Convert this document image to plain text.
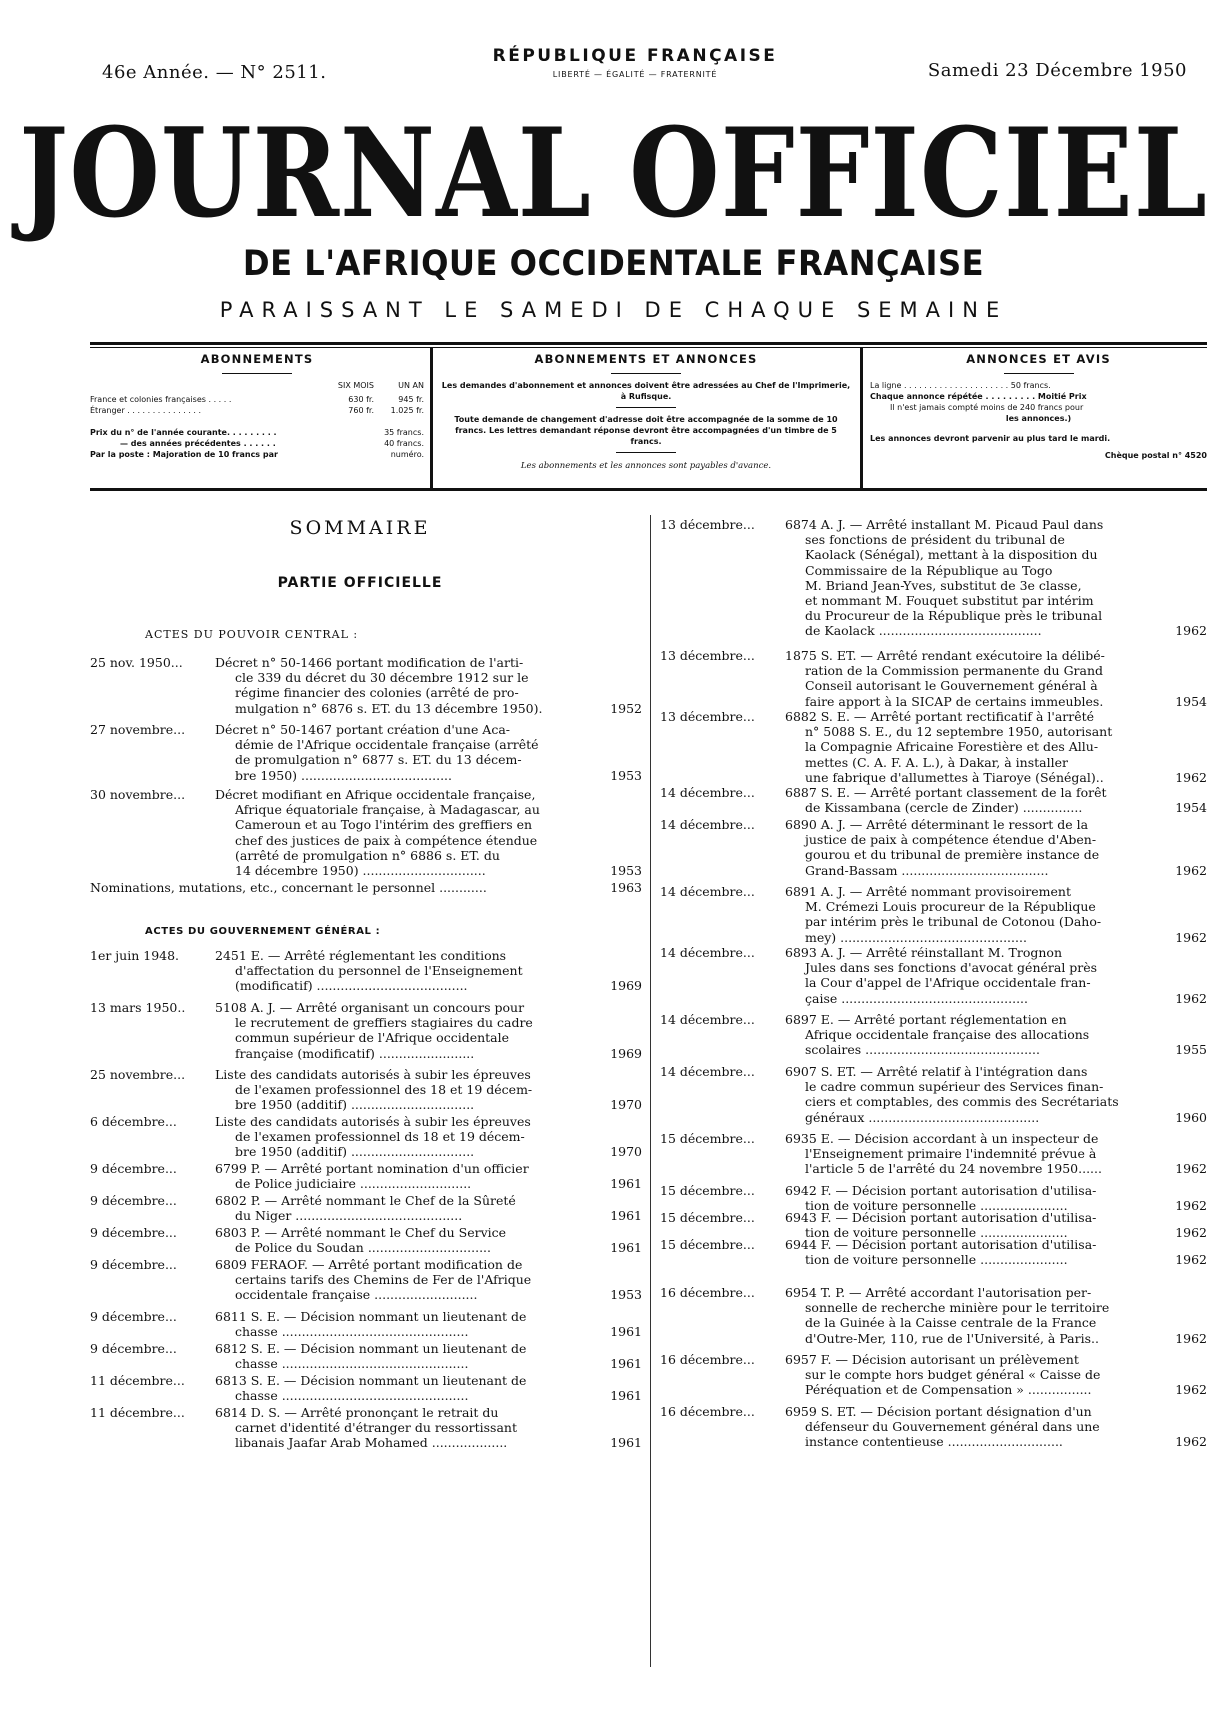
46e Année. — N° 2511.
RÉPUBLIQUE FRANÇAISE
LIBERTÉ — ÉGALITÉ — FRATERNITÉ	Samedi 23 Décembre 1950
JOURNAL OFFICIEL
DE L'AFRIQUE OCCIDENTALE FRANÇAISE
PARAISSANT LE SAMEDI DE CHAQUE SEMAINE
ABONNEMENTS
SIX MOIS	UN AN
France et colonies françaises . . . . .	630 fr.	945 fr.
Étranger . . . . . . . . . . . . . . .	760 fr.	1.025 fr.
Prix du n° de l'année courante. . . . . . . . .	35 francs.
— des années précédentes . . . . . .	40 francs.
Par la poste : Majoration de 10 francs par	numéro.
ABONNEMENTS ET ANNONCES
Les demandes d'abonnement et annonces doivent être adressées au Chef de l'Imprimerie, à Rufisque.
Toute demande de changement d'adresse doit être accompagnée de la somme de 10 francs. Les lettres demandant réponse devront être accompagnées d'un timbre de 5 francs.
Les abonnements et les annonces sont payables d'avance.
ANNONCES ET AVIS
La ligne . . . . . . . . . . . . . . . . . . . . . 50 francs.
Chaque annonce répétée . . . . . . . . . Moitié Prix
Il n'est jamais compté moins de 240 francs pour
les annonces.)
Les annonces devront parvenir au plus tard le mardi.
Chèque postal n° 4520
SOMMAIRE
PARTIE OFFICIELLE
ACTES DU POUVOIR CENTRAL :
ACTES DU GOUVERNEMENT GÉNÉRAL :
25 nov. 1950...	Décret n° 50-1466 portant modification de l'arti-
cle 339 du décret du 30 décembre 1912 sur le
régime financier des colonies (arrêté de pro-
mulgation n° 6876 s. ET. du 13 décembre 1950).	1952
27 novembre...	Décret n° 50-1467 portant création d'une Aca-
démie de l'Afrique occidentale française (arrêté
de promulgation n° 6877 s. ET. du 13 décem-
bre 1950) ......................................	1953
30 novembre...	Décret modifiant en Afrique occidentale française,
Afrique équatoriale française, à Madagascar, au
Cameroun et au Togo l'intérim des greffiers en
chef des justices de paix à compétence étendue
(arrêté de promulgation n° 6886 s. ET. du
14 décembre 1950) ...............................	1953
Nominations, mutations, etc., concernant le personnel ............	1963
1er juin 1948.	2451 E. — Arrêté réglementant les conditions
d'affectation du personnel de l'Enseignement
(modificatif) ......................................	1969
13 mars 1950..	5108 A. J. — Arrêté organisant un concours pour
le recrutement de greffiers stagiaires du cadre
commun supérieur de l'Afrique occidentale
française (modificatif) ........................	1969
25 novembre...	Liste des candidats autorisés à subir les épreuves
de l'examen professionnel des 18 et 19 décem-
bre 1950 (additif) ...............................	1970
6 décembre...	Liste des candidats autorisés à subir les épreuves
de l'examen professionnel ds 18 et 19 décem-
bre 1950 (additif) ...............................	1970
9 décembre...	6799 P. — Arrêté portant nomination d'un officier
de Police judiciaire ............................	1961
9 décembre...	6802 P. — Arrêté nommant le Chef de la Sûreté
du Niger ..........................................	1961
9 décembre...	6803 P. — Arrêté nommant le Chef du Service
de Police du Soudan ...............................	1961
9 décembre...	6809 FERAOF. — Arrêté portant modification de
certains tarifs des Chemins de Fer de l'Afrique
occidentale française ..........................	1953
9 décembre...	6811 S. E. — Décision nommant un lieutenant de
chasse ...............................................	1961
9 décembre...	6812 S. E. — Décision nommant un lieutenant de
chasse ...............................................	1961
11 décembre...	6813 S. E. — Décision nommant un lieutenant de
chasse ...............................................	1961
11 décembre...	6814 D. S. — Arrêté prononçant le retrait du
carnet d'identité d'étranger du ressortissant
libanais Jaafar Arab Mohamed ...................	1961
13 décembre...	6874 A. J. — Arrêté installant M. Picaud Paul dans
ses fonctions de président du tribunal de
Kaolack (Sénégal), mettant à la disposition du
Commissaire de la République au Togo
M. Briand Jean-Yves, substitut de 3e classe,
et nommant M. Fouquet substitut par intérim
du Procureur de la République près le tribunal
de Kaolack .........................................	1962
13 décembre...	1875 S. ET. — Arrêté rendant exécutoire la délibé-
ration de la Commission permanente du Grand
Conseil autorisant le Gouvernement général à
faire apport à la SICAP de certains immeubles.	1954
13 décembre...	6882 S. E. — Arrêté portant rectificatif à l'arrêté
n° 5088 S. E., du 12 septembre 1950, autorisant
la Compagnie Africaine Forestière et des Allu-
mettes (C. A. F. A. L.), à Dakar, à installer
une fabrique d'allumettes à Tiaroye (Sénégal)..	1962
14 décembre...	6887 S. E. — Arrêté portant classement de la forêt
de Kissambana (cercle de Zinder) ...............	1954
14 décembre...	6890 A. J. — Arrêté déterminant le ressort de la
justice de paix à compétence étendue d'Aben-
gourou et du tribunal de première instance de
Grand-Bassam .....................................	1962
14 décembre...	6891 A. J. — Arrêté nommant provisoirement
M. Crémezi Louis procureur de la République
par intérim près le tribunal de Cotonou (Daho-
mey) ...............................................	1962
14 décembre...	6893 A. J. — Arrêté réinstallant M. Trognon
Jules dans ses fonctions d'avocat général près
la Cour d'appel de l'Afrique occidentale fran-
çaise ...............................................	1962
14 décembre...	6897 E. — Arrêté portant réglementation en
Afrique occidentale française des allocations
scolaires ............................................	1955
14 décembre...	6907 S. ET. — Arrêté relatif à l'intégration dans
le cadre commun supérieur des Services finan-
ciers et comptables, des commis des Secrétariats
généraux ...........................................	1960
15 décembre...	6935 E. — Décision accordant à un inspecteur de
l'Enseignement primaire l'indemnité prévue à
l'article 5 de l'arrêté du 24 novembre 1950......	1962
15 décembre...	6942 F. — Décision portant autorisation d'utilisa-
tion de voiture personnelle ......................	1962
15 décembre...	6943 F. — Décision portant autorisation d'utilisa-
tion de voiture personnelle ......................	1962
15 décembre...	6944 F. — Décision portant autorisation d'utilisa-
tion de voiture personnelle ......................	1962
16 décembre...	6954 T. P. — Arrêté accordant l'autorisation per-
sonnelle de recherche minière pour le territoire
de la Guinée à la Caisse centrale de la France
d'Outre-Mer, 110, rue de l'Université, à Paris..	1962
16 décembre...	6957 F. — Décision autorisant un prélèvement
sur le compte hors budget général « Caisse de
Péréquation et de Compensation » ................	1962
16 décembre...	6959 S. ET. — Décision portant désignation d'un
défenseur du Gouvernement général dans une
instance contentieuse .............................	1962
